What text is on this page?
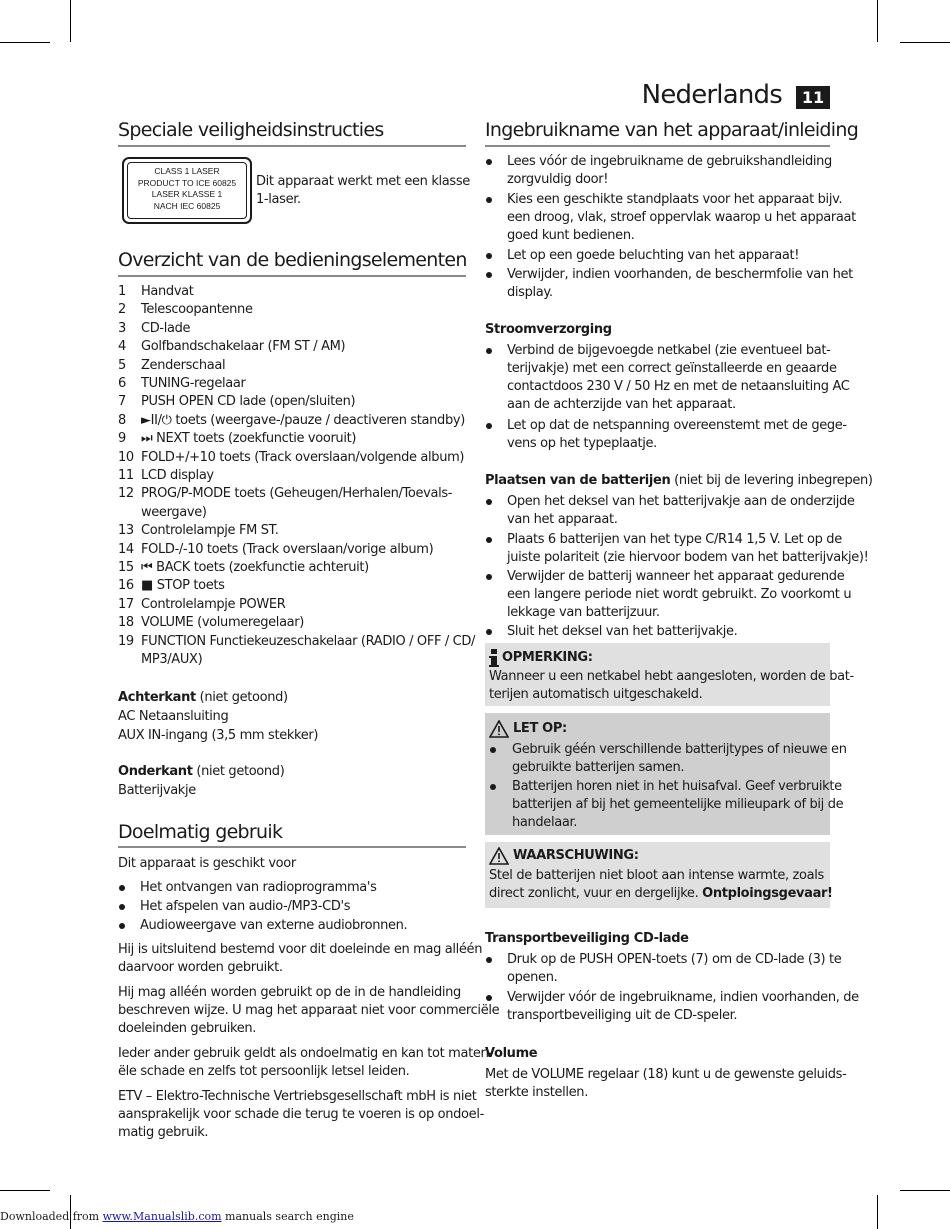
Nederlands	11
Speciale veiligheidsinstructies
CLASS 1 LASER
PRODUCT TO ICE 60825
LASER KLASSE 1
NACH IEC 60825
Dit apparaat werkt met een klasse
1-laser.
Overzicht van de bedieningselementen
1 Handvat
2 Telescoopantenne
3 CD-lade
4 Golfbandschakelaar (FM ST / AM)
5 Zenderschaal
6 TUNING-regelaar
7 PUSH OPEN CD lade (open/sluiten)
8 ►II/⏻ toets (weergave-/pauze / deactiveren standby)
9 ⏭ NEXT toets (zoekfunctie vooruit)
10 FOLD+/+10 toets (Track overslaan/volgende album)
11 LCD display
12 PROG/P-MODE toets (Geheugen/Herhalen/Toevals-
weergave)
13 Controlelampje FM ST.
14 FOLD-/-10 toets (Track overslaan/vorige album)
15 ⏮ BACK toets (zoekfunctie achteruit)
16 ■ STOP toets
17 Controlelampje POWER
18 VOLUME (volumeregelaar)
19 FUNCTION Functiekeuzeschakelaar (RADIO / OFF / CD/
MP3/AUX)
Achterkant (niet getoond)
AC Netaansluiting
AUX IN-ingang (3,5 mm stekker)
Onderkant (niet getoond)
Batterijvakje
Doelmatig gebruik
Dit apparaat is geschikt voor
Het ontvangen van radioprogramma's
Het afspelen van audio-/MP3-CD's
Audioweergave van externe audiobronnen.
Hij is uitsluitend bestemd voor dit doeleinde en mag alléén
daarvoor worden gebruikt.
Hij mag alléén worden gebruikt op de in de handleiding
beschreven wijze. U mag het apparaat niet voor commerciële
doeleinden gebruiken.
Ieder ander gebruik geldt als ondoelmatig en kan tot materi-
ële schade en zelfs tot persoonlijk letsel leiden.
ETV – Elektro-Technische Vertriebsgesellschaft mbH is niet
aansprakelijk voor schade die terug te voeren is op ondoel-
matig gebruik.
Ingebruikname van het apparaat/inleiding
Lees vóór de ingebruikname de gebruikshandleiding
zorgvuldig door!
Kies een geschikte standplaats voor het apparaat bijv.
een droog, vlak, stroef oppervlak waarop u het apparaat
goed kunt bedienen.
Let op een goede beluchting van het apparaat!
Verwijder, indien voorhanden, de beschermfolie van het
display.
Stroomverzorging
Verbind de bijgevoegde netkabel (zie eventueel bat-
terijvakje) met een correct geïnstalleerde en geaarde
contactdoos 230 V / 50 Hz en met de netaansluiting AC
aan de achterzijde van het apparaat.
Let op dat de netspanning overeenstemt met de gege-
vens op het typeplaatje.
Plaatsen van de batterijen (niet bij de levering inbegrepen)
Open het deksel van het batterijvakje aan de onderzijde
van het apparaat.
Plaats 6 batterijen van het type C/R14 1,5 V. Let op de
juiste polariteit (zie hiervoor bodem van het batterijvakje)!
Verwijder de batterij wanneer het apparaat gedurende
een langere periode niet wordt gebruikt. Zo voorkomt u
lekkage van batterijzuur.
Sluit het deksel van het batterijvakje.
OPMERKING:
Wanneer u een netkabel hebt aangesloten, worden de bat-
terijen automatisch uitgeschakeld.
LET OP:
Gebruik géén verschillende batterijtypes of nieuwe en
gebruikte batterijen samen.
Batterijen horen niet in het huisafval. Geef verbruikte
batterijen af bij het gemeentelijke milieupark of bij de
handelaar.
WAARSCHUWING:
Stel de batterijen niet bloot aan intense warmte, zoals
direct zonlicht, vuur en dergelijke. Ontploingsgevaar!
Transportbeveiliging CD-lade
Druk op de PUSH OPEN-toets (7) om de CD-lade (3) te
openen.
Verwijder vóór de ingebruikname, indien voorhanden, de
transportbeveiliging uit de CD-speler.
Volume
Met de VOLUME regelaar (18) kunt u de gewenste geluids-
sterkte instellen.
Downloaded from www.Manualslib.com manuals search engine
